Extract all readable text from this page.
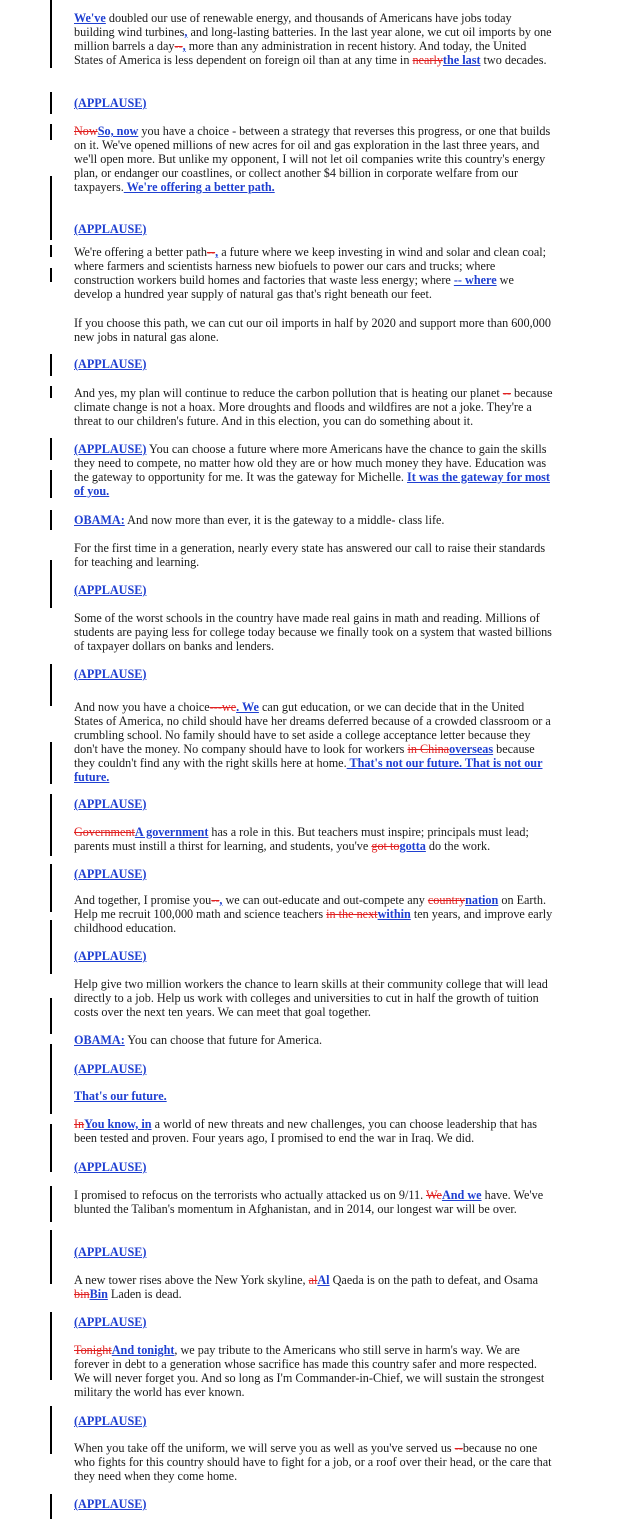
We've doubled our use of renewable energy, and thousands of Americans have jobs today building wind turbines, and long-lasting batteries. In the last year alone, we cut oil imports by one million barrels a day--, more than any administration in recent history. And today, the United States of America is less dependent on foreign oil than at any time in nearlythe last two decades.

(APPLAUSE)

NowSo, now you have a choice - between a strategy that reverses this progress, or one that builds on it. We've opened millions of new acres for oil and gas exploration in the last three years, and we'll open more. But unlike my opponent, I will not let oil companies write this country's energy plan, or endanger our coastlines, or collect another $4 billion in corporate welfare from our taxpayers. We're offering a better path.

(APPLAUSE)

We're offering a better path--, a future where we keep investing in wind and solar and clean coal; where farmers and scientists harness new biofuels to power our cars and trucks; where construction workers build homes and factories that waste less energy; where -- where we develop a hundred year supply of natural gas that's right beneath our feet.

If you choose this path, we can cut our oil imports in half by 2020 and support more than 600,000 new jobs in natural gas alone.

(APPLAUSE)

And yes, my plan will continue to reduce the carbon pollution that is heating our planet -- because climate change is not a hoax. More droughts and floods and wildfires are not a joke. They're a threat to our children's future. And in this election, you can do something about it.

(APPLAUSE) You can choose a future where more Americans have the chance to gain the skills they need to compete, no matter how old they are or how much money they have. Education was the gateway to opportunity for me. It was the gateway for Michelle. It was the gateway for most of you.

OBAMA: And now more than ever, it is the gateway to a middle- class life.

For the first time in a generation, nearly every state has answered our call to raise their standards for teaching and learning.

(APPLAUSE)

Some of the worst schools in the country have made real gains in math and reading. Millions of students are paying less for college today because we finally took on a system that wasted billions of taxpayer dollars on banks and lenders.

(APPLAUSE)

And now you have a choice---we. We can gut education, or we can decide that in the United States of America, no child should have her dreams deferred because of a crowded classroom or a crumbling school. No family should have to set aside a college acceptance letter because they don't have the money. No company should have to look for workers in Chinaoverseas because they couldn't find any with the right skills here at home. That's not our future. That is not our future.

(APPLAUSE)

GovernmentA government has a role in this. But teachers must inspire; principals must lead; parents must instill a thirst for learning, and students, you've got togotta do the work.

(APPLAUSE)

And together, I promise you--, we can out-educate and out-compete any countrynation on Earth. Help me recruit 100,000 math and science teachers in the nextwithin ten years, and improve early childhood education.

(APPLAUSE)

Help give two million workers the chance to learn skills at their community college that will lead directly to a job. Help us work with colleges and universities to cut in half the growth of tuition costs over the next ten years. We can meet that goal together.

OBAMA: You can choose that future for America.

(APPLAUSE)

That's our future.

InYou know, in a world of new threats and new challenges, you can choose leadership that has been tested and proven. Four years ago, I promised to end the war in Iraq. We did.

(APPLAUSE)

I promised to refocus on the terrorists who actually attacked us on 9/11. WeAnd we have. We've blunted the Taliban's momentum in Afghanistan, and in 2014, our longest war will be over.

(APPLAUSE)

A new tower rises above the New York skyline, alAl Qaeda is on the path to defeat, and Osama binBin Laden is dead.

(APPLAUSE)

TonightAnd tonight, we pay tribute to the Americans who still serve in harm's way. We are forever in debt to a generation whose sacrifice has made this country safer and more respected. We will never forget you. And so long as I'm Commander-in-Chief, we will sustain the strongest military the world has ever known.

(APPLAUSE)

When you take off the uniform, we will serve you as well as you've served us --because no one who fights for this country should have to fight for a job, or a roof over their head, or the care that they need when they come home.

(APPLAUSE)
